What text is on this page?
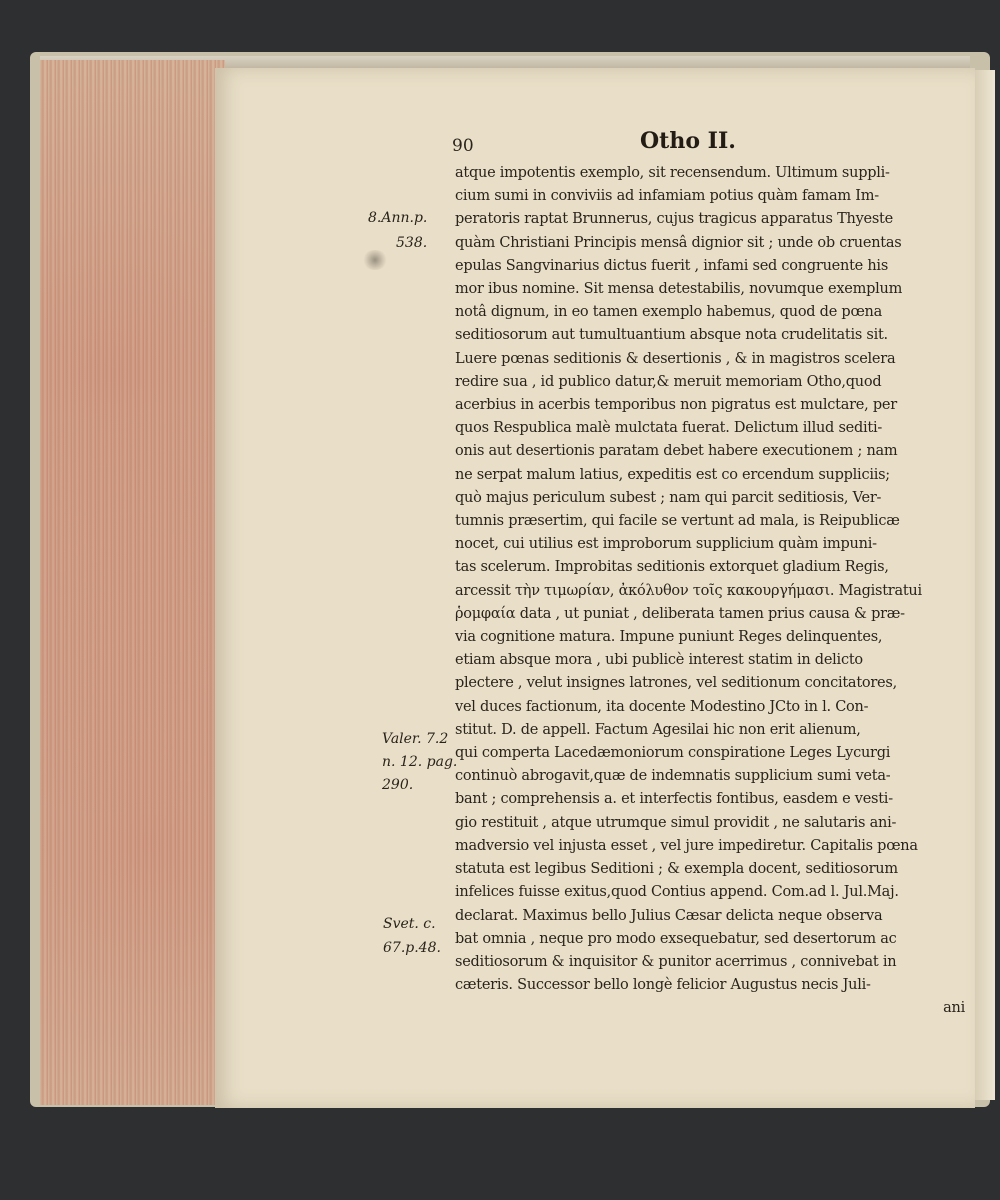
90	Otho II.
atque impotentis exemplo, sit recensendum. Ultimum suppli-
cium sumi in conviviis ad infamiam potius quàm famam Im-
peratoris raptat Brunnerus, cujus tragicus apparatus Thyeste
quàm Christiani Principis mensâ dignior sit ; unde ob cruentas
epulas Sangvinarius dictus fuerit , infami sed congruente his
mor ibus nomine. Sit mensa detestabilis, novumque exemplum
notâ dignum, in eo tamen exemplo habemus, quod de pœna
seditiosorum aut tumultuantium absque nota crudelitatis sit.
Luere pœnas seditionis & desertionis , & in magistros scelera
redire sua , id publico datur,& meruit memoriam Otho,quod
acerbius in acerbis temporibus non pigratus est mulctare, per
quos Respublica malè mulctata fuerat. Delictum illud sediti-
onis aut desertionis paratam debet habere executionem ; nam
ne serpat malum latius, expeditis est co ercendum suppliciis;
quò majus periculum subest ; nam qui parcit seditiosis, Ver-
tumnis præsertim, qui facile se vertunt ad mala, is Reipublicæ
nocet, cui utilius est improborum supplicium quàm impuni-
tas scelerum. Improbitas seditionis extorquet gladium Regis,
arcessit τὴν τιμωρίαν, ἀκόλυθον τοῖς κακουργήμασι. Magistratui
ῥομφαία data , ut puniat , deliberata tamen prius causa & præ-
via cognitione matura. Impune puniunt Reges delinquentes,
etiam absque mora , ubi publicè interest statim in delicto
plectere , velut insignes latrones, vel seditionum concitatores,
vel duces factionum, ita docente Modestino JCto in l. Con-
stitut. D. de appell. Factum Agesilai hic non erit alienum,
qui comperta Lacedæmoniorum conspiratione Leges Lycurgi
continuò abrogavit,quæ de indemnatis supplicium sumi veta-
bant ; comprehensis a. et interfectis fontibus, easdem e vesti-
gio restituit , atque utrumque simul providit , ne salutaris ani-
madversio vel injusta esset , vel jure impediretur. Capitalis pœna
statuta est legibus Seditioni ; & exempla docent, seditiosorum
infelices fuisse exitus,quod Contius append. Com.ad l. Jul.Maj.
declarat. Maximus bello Julius Cæsar delicta neque observa
bat omnia , neque pro modo exsequebatur, sed desertorum ac
seditiosorum & inquisitor & punitor acerrimus , connivebat in
cæteris. Successor bello longè felicior Augustus necis Juli-
ani
8.Ann.p.
538.
Valer. 7.2
n. 12. pag.
290.
Svet. c.
67.p.48.
